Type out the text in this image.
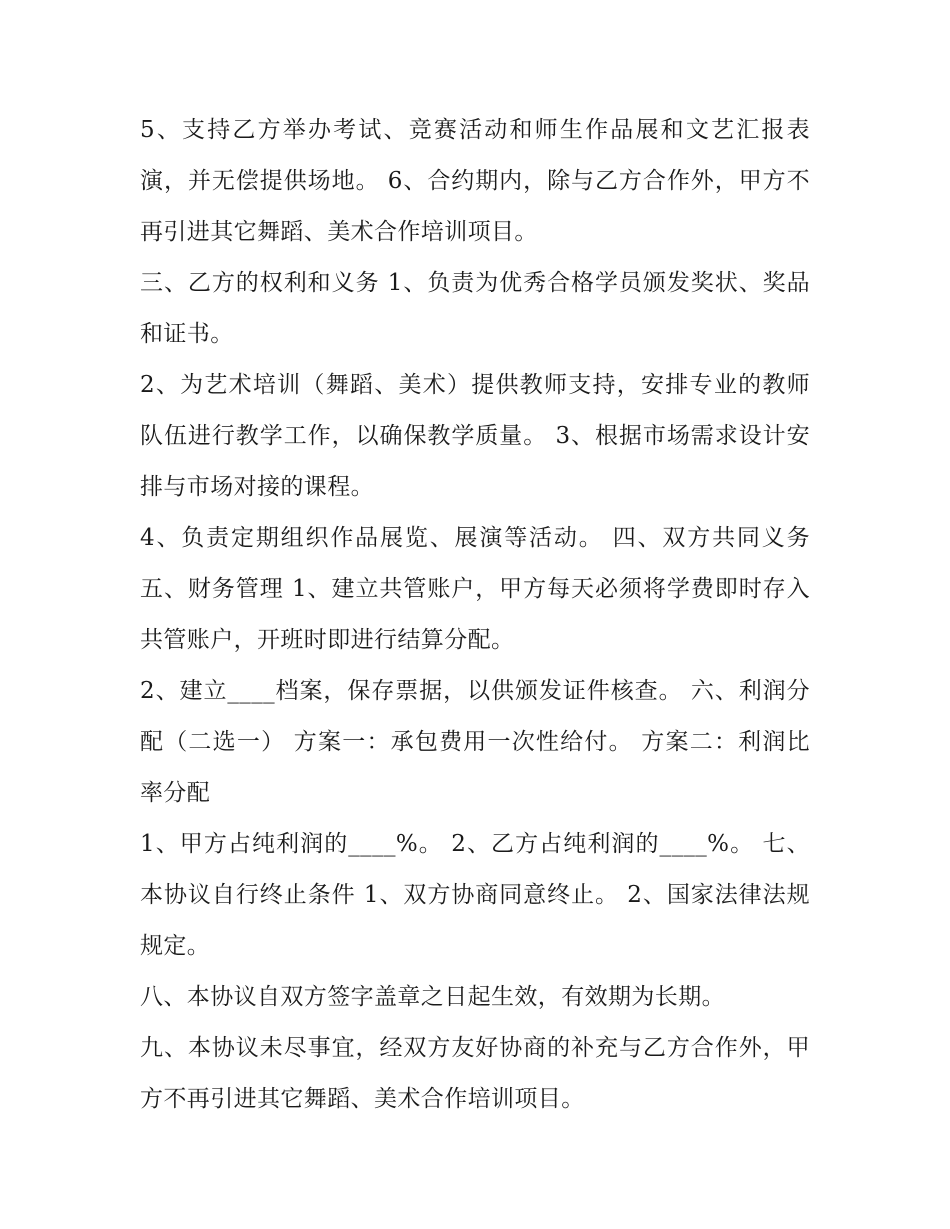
5、支持乙方举办考试、竞赛活动和师生作品展和文艺汇报表演，并无偿提供场地。 6、合约期内，除与乙方合作外，甲方不再引进其它舞蹈、美术合作培训项目。

三、乙方的权利和义务 1、负责为优秀合格学员颁发奖状、奖品和证书。

2、为艺术培训（舞蹈、美术）提供教师支持，安排专业的教师队伍进行教学工作，以确保教学质量。 3、根据市场需求设计安排与市场对接的课程。

4、负责定期组织作品展览、展演等活动。 四、双方共同义务 五、财务管理 1、建立共管账户，甲方每天必须将学费即时存入共管账户，开班时即进行结算分配。

2、建立____档案，保存票据，以供颁发证件核查。 六、利润分配（二选一） 方案一：承包费用一次性给付。 方案二：利润比率分配

1、甲方占纯利润的____%。 2、乙方占纯利润的____%。 七、本协议自行终止条件 1、双方协商同意终止。 2、国家法律法规规定。

八、本协议自双方签字盖章之日起生效，有效期为长期。

九、本协议未尽事宜，经双方友好协商的补充与乙方合作外，甲方不再引进其它舞蹈、美术合作培训项目。
